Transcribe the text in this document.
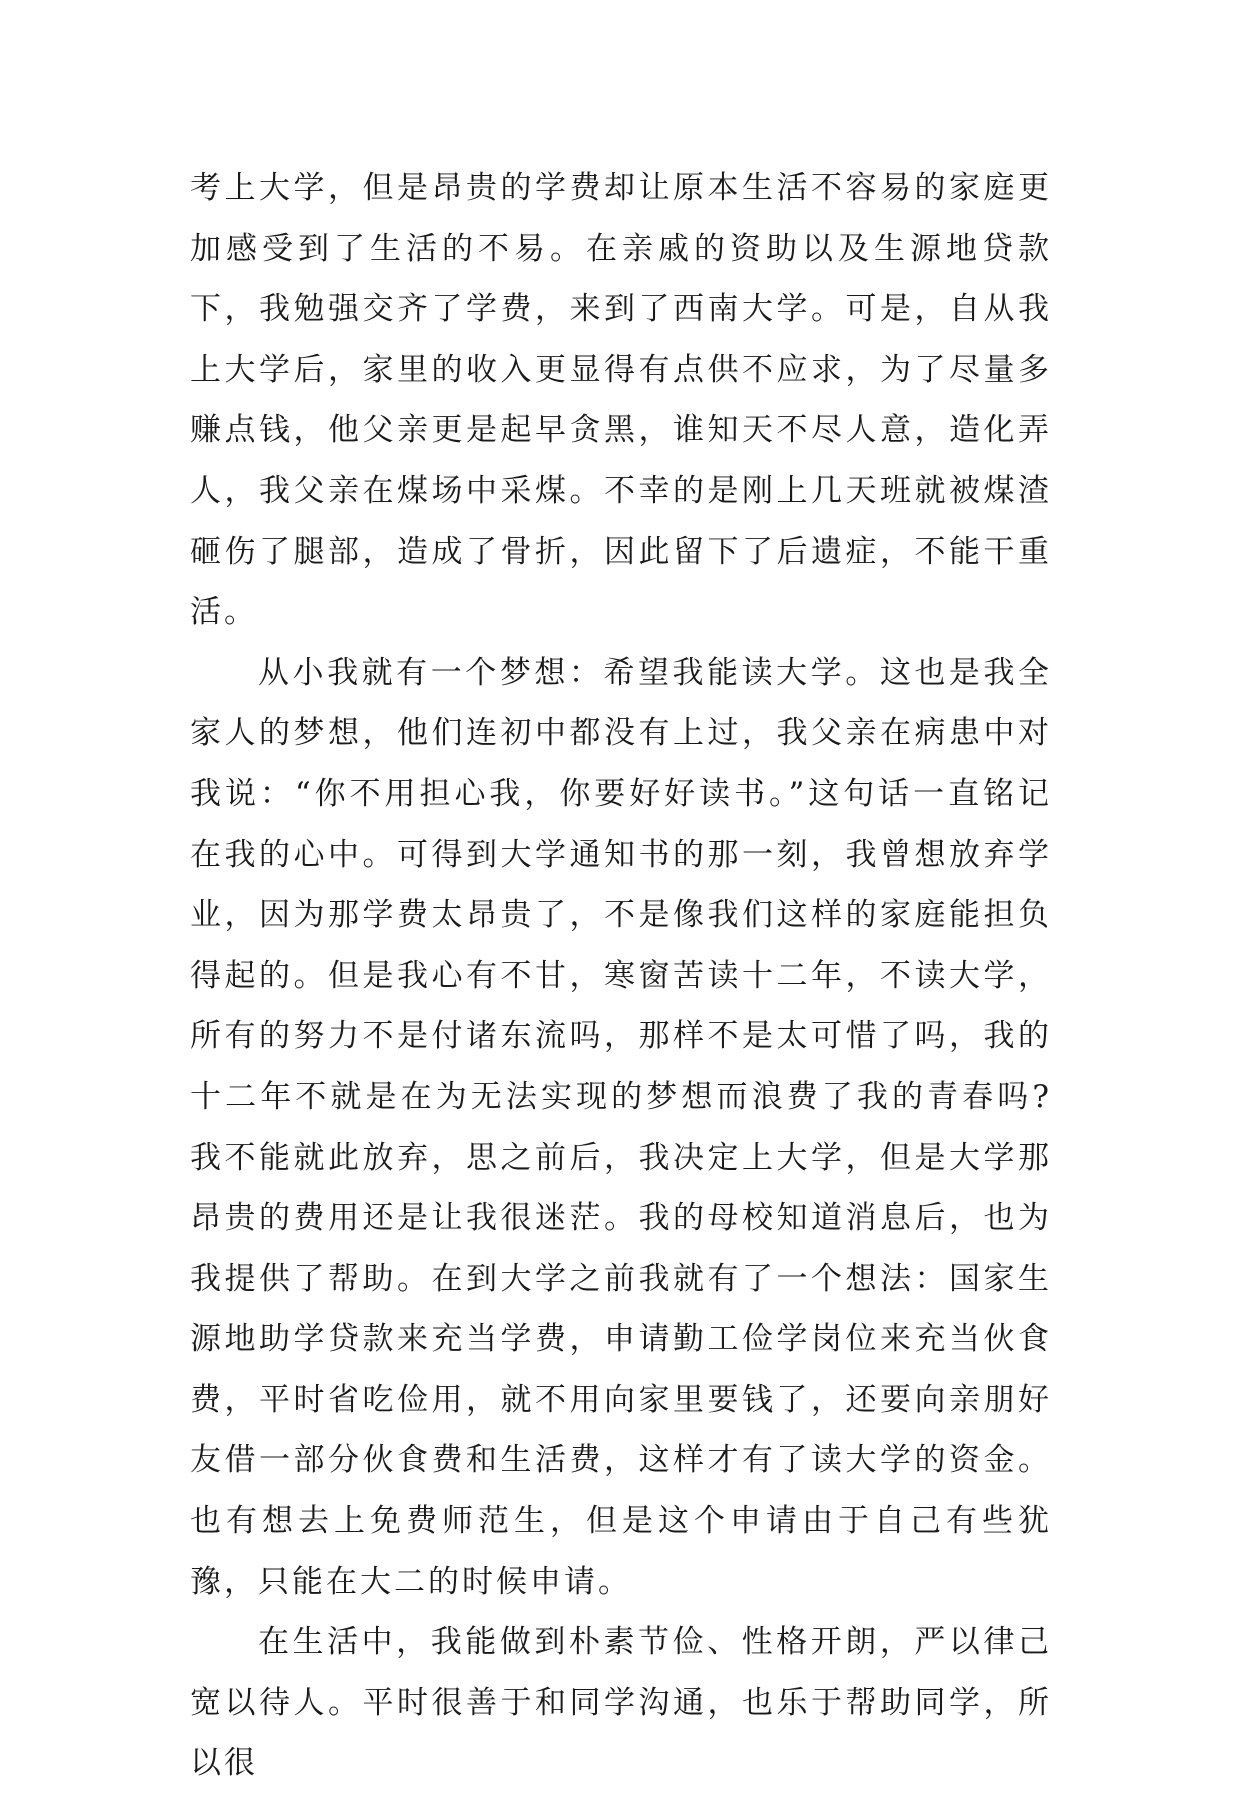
考上大学，但是昂贵的学费却让原本生活不容易的家庭更加感受到了生活的不易。在亲戚的资助以及生源地贷款下，我勉强交齐了学费，来到了西南大学。可是，自从我上大学后，家里的收入更显得有点供不应求，为了尽量多赚点钱，他父亲更是起早贪黑，谁知天不尽人意，造化弄人，我父亲在煤场中采煤。不幸的是刚上几天班就被煤渣砸伤了腿部，造成了骨折，因此留下了后遗症，不能干重活。

从小我就有一个梦想：希望我能读大学。这也是我全家人的梦想，他们连初中都没有上过，我父亲在病患中对我说：“你不用担心我，你要好好读书。”这句话一直铭记在我的心中。可得到大学通知书的那一刻，我曾想放弃学业，因为那学费太昂贵了，不是像我们这样的家庭能担负得起的。但是我心有不甘，寒窗苦读十二年，不读大学，所有的努力不是付诸东流吗，那样不是太可惜了吗，我的十二年不就是在为无法实现的梦想而浪费了我的青春吗?我不能就此放弃，思之前后，我决定上大学，但是大学那昂贵的费用还是让我很迷茫。我的母校知道消息后，也为我提供了帮助。在到大学之前我就有了一个想法：国家生源地助学贷款来充当学费，申请勤工俭学岗位来充当伙食费，平时省吃俭用，就不用向家里要钱了，还要向亲朋好友借一部分伙食费和生活费，这样才有了读大学的资金。也有想去上免费师范生，但是这个申请由于自己有些犹豫，只能在大二的时候申请。

在生活中，我能做到朴素节俭、性格开朗，严以律己宽以待人。平时很善于和同学沟通，也乐于帮助同学，所以很
